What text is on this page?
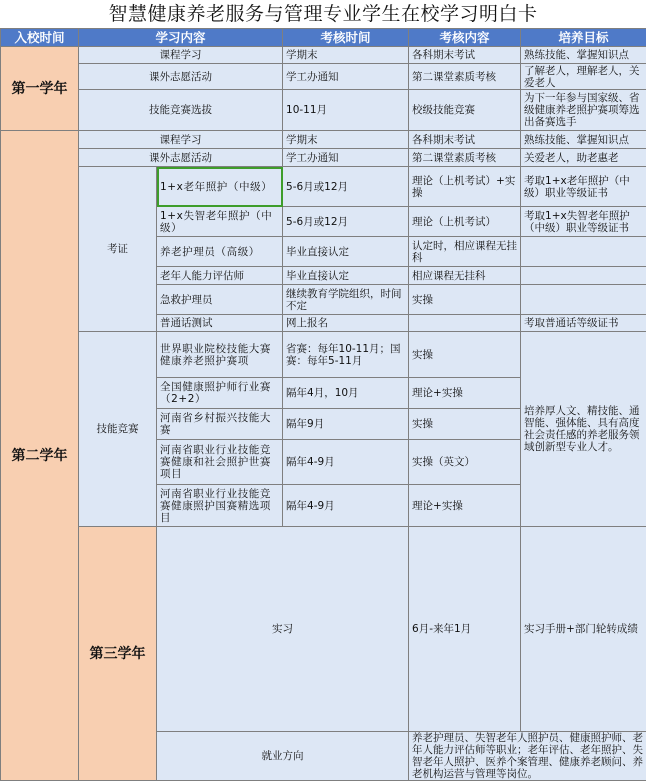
智慧健康养老服务与管理专业学生在校学习明白卡
入校时间	学习内容		考核时间	考核内容	培养目标	
第一学年	课程学习		学期末	各科期末考试	熟练技能、掌握知识点	
	课外志愿活动		学工办通知	第二课堂素质考核	了解老人，理解老人，关爱老人	
	技能竞赛选拔		10-11月	校级技能竞赛	为下一年参与国家级、省级健康养老照护赛项筹选出备赛选手	
第二学年	课程学习		学期末	各科期末考试	熟练技能、掌握知识点	
	课外志愿活动		学工办通知	第二课堂素质考核	关爱老人，助老惠老	
	考证	1+x老年照护（中级）	5-6月或12月	理论（上机考试）+实操	考取1+x老年照护（中级）职业等级证书	
		1+x失智老年照护（中级）	5-6月或12月	理论（上机考试）	考取1+x失智老年照护（中级）职业等级证书	
		养老护理员（高级）	毕业直接认定	认定时，相应课程无挂科		
		老年人能力评估师	毕业直接认定	相应课程无挂科		
		急救护理员	继续教育学院组织，时间不定	实操		
		普通话测试	网上报名		考取普通话等级证书	
	技能竞赛	世界职业院校技能大赛健康养老照护赛项	省赛：每年10-11月；国赛：每年5-11月	实操	培养厚人文、精技能、通智能、强体能、具有高度社会责任感的养老服务领域创新型专业人才。	
		全国健康照护师行业赛（2+2）	隔年4月，10月	理论+实操		
		河南省乡村振兴技能大赛	隔年9月	实操		
		河南省职业行业技能竞赛健康和社会照护世赛项目	隔年4-9月	实操（英文）		
		河南省职业行业技能竞赛健康照护国赛精选项目	隔年4-9月	理论+实操		
	第三学年	实习		6月-来年1月	实习手册+部门轮转成绩	
		就业方向		养老护理员、失智老年人照护员、健康照护师、老年人能力评估师等职业；老年评估、老年照护、失智老年人照护、医养个案管理、健康养老顾问、养老机构运营与管理等岗位。		
